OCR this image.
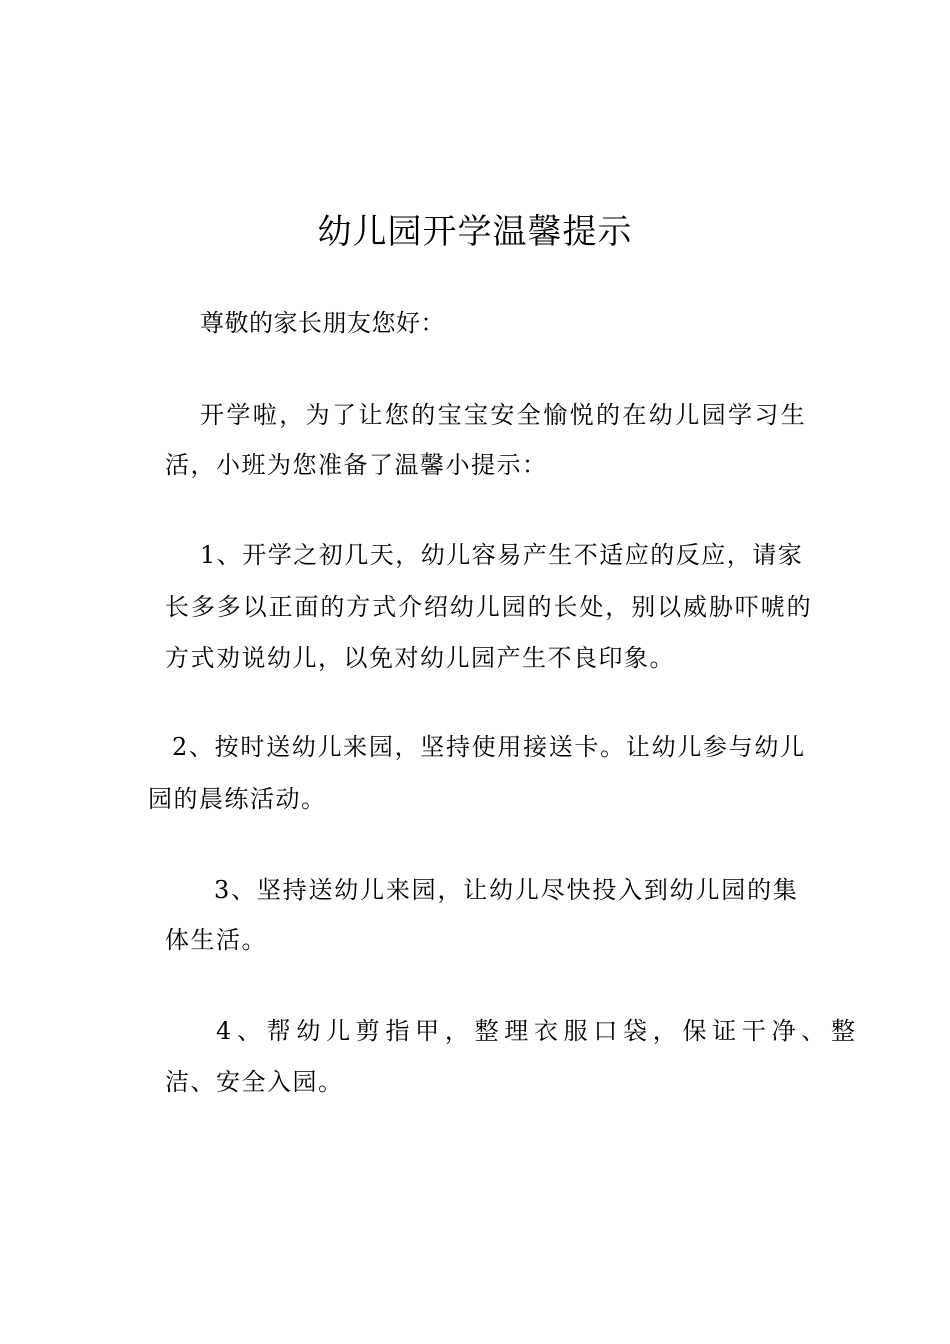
幼儿园开学温馨提示

尊敬的家长朋友您好：

开学啦，为了让您的宝宝安全愉悦的在幼儿园学习生

活，小班为您准备了温馨小提示：

1、开学之初几天，幼儿容易产生不适应的反应，请家

长多多以正面的方式介绍幼儿园的长处，别以威胁吓唬的

方式劝说幼儿，以免对幼儿园产生不良印象。

2、按时送幼儿来园，坚持使用接送卡。让幼儿参与幼儿

园的晨练活动。

3、坚持送幼儿来园，让幼儿尽快投入到幼儿园的集

体生活。

4、帮幼儿剪指甲，整理衣服口袋，保证干净、整

洁、安全入园。
